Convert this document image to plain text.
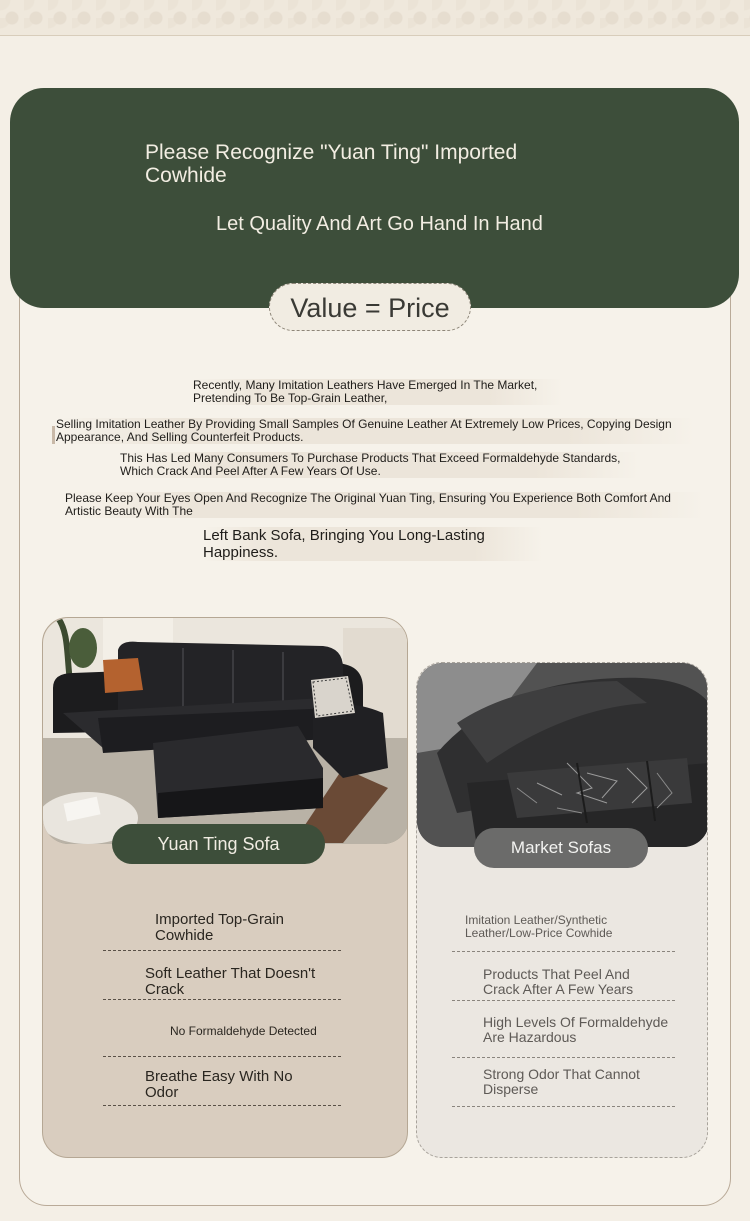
Please Recognize "Yuan Ting" Imported Cowhide
Let Quality And Art Go Hand In Hand
Value = Price
Recently, Many Imitation Leathers Have Emerged In The Market, Pretending To Be Top-Grain Leather,
Selling Imitation Leather By Providing Small Samples Of Genuine Leather At Extremely Low Prices, Copying Design Appearance, And Selling Counterfeit Products.
This Has Led Many Consumers To Purchase Products That Exceed Formaldehyde Standards, Which Crack And Peel After A Few Years Of Use.
Please Keep Your Eyes Open And Recognize The Original Yuan Ting, Ensuring You Experience Both Comfort And Artistic Beauty With The
Left Bank Sofa, Bringing You Long-Lasting Happiness.
Yuan Ting Sofa	Market Sofas
Imported Top-Grain Cowhide
Soft Leather That Doesn't Crack
No Formaldehyde Detected
Breathe Easy With No Odor
Imitation Leather/Synthetic Leather/Low-Price Cowhide
Products That Peel And Crack After A Few Years
High Levels Of Formaldehyde Are Hazardous
Strong Odor That Cannot Disperse
